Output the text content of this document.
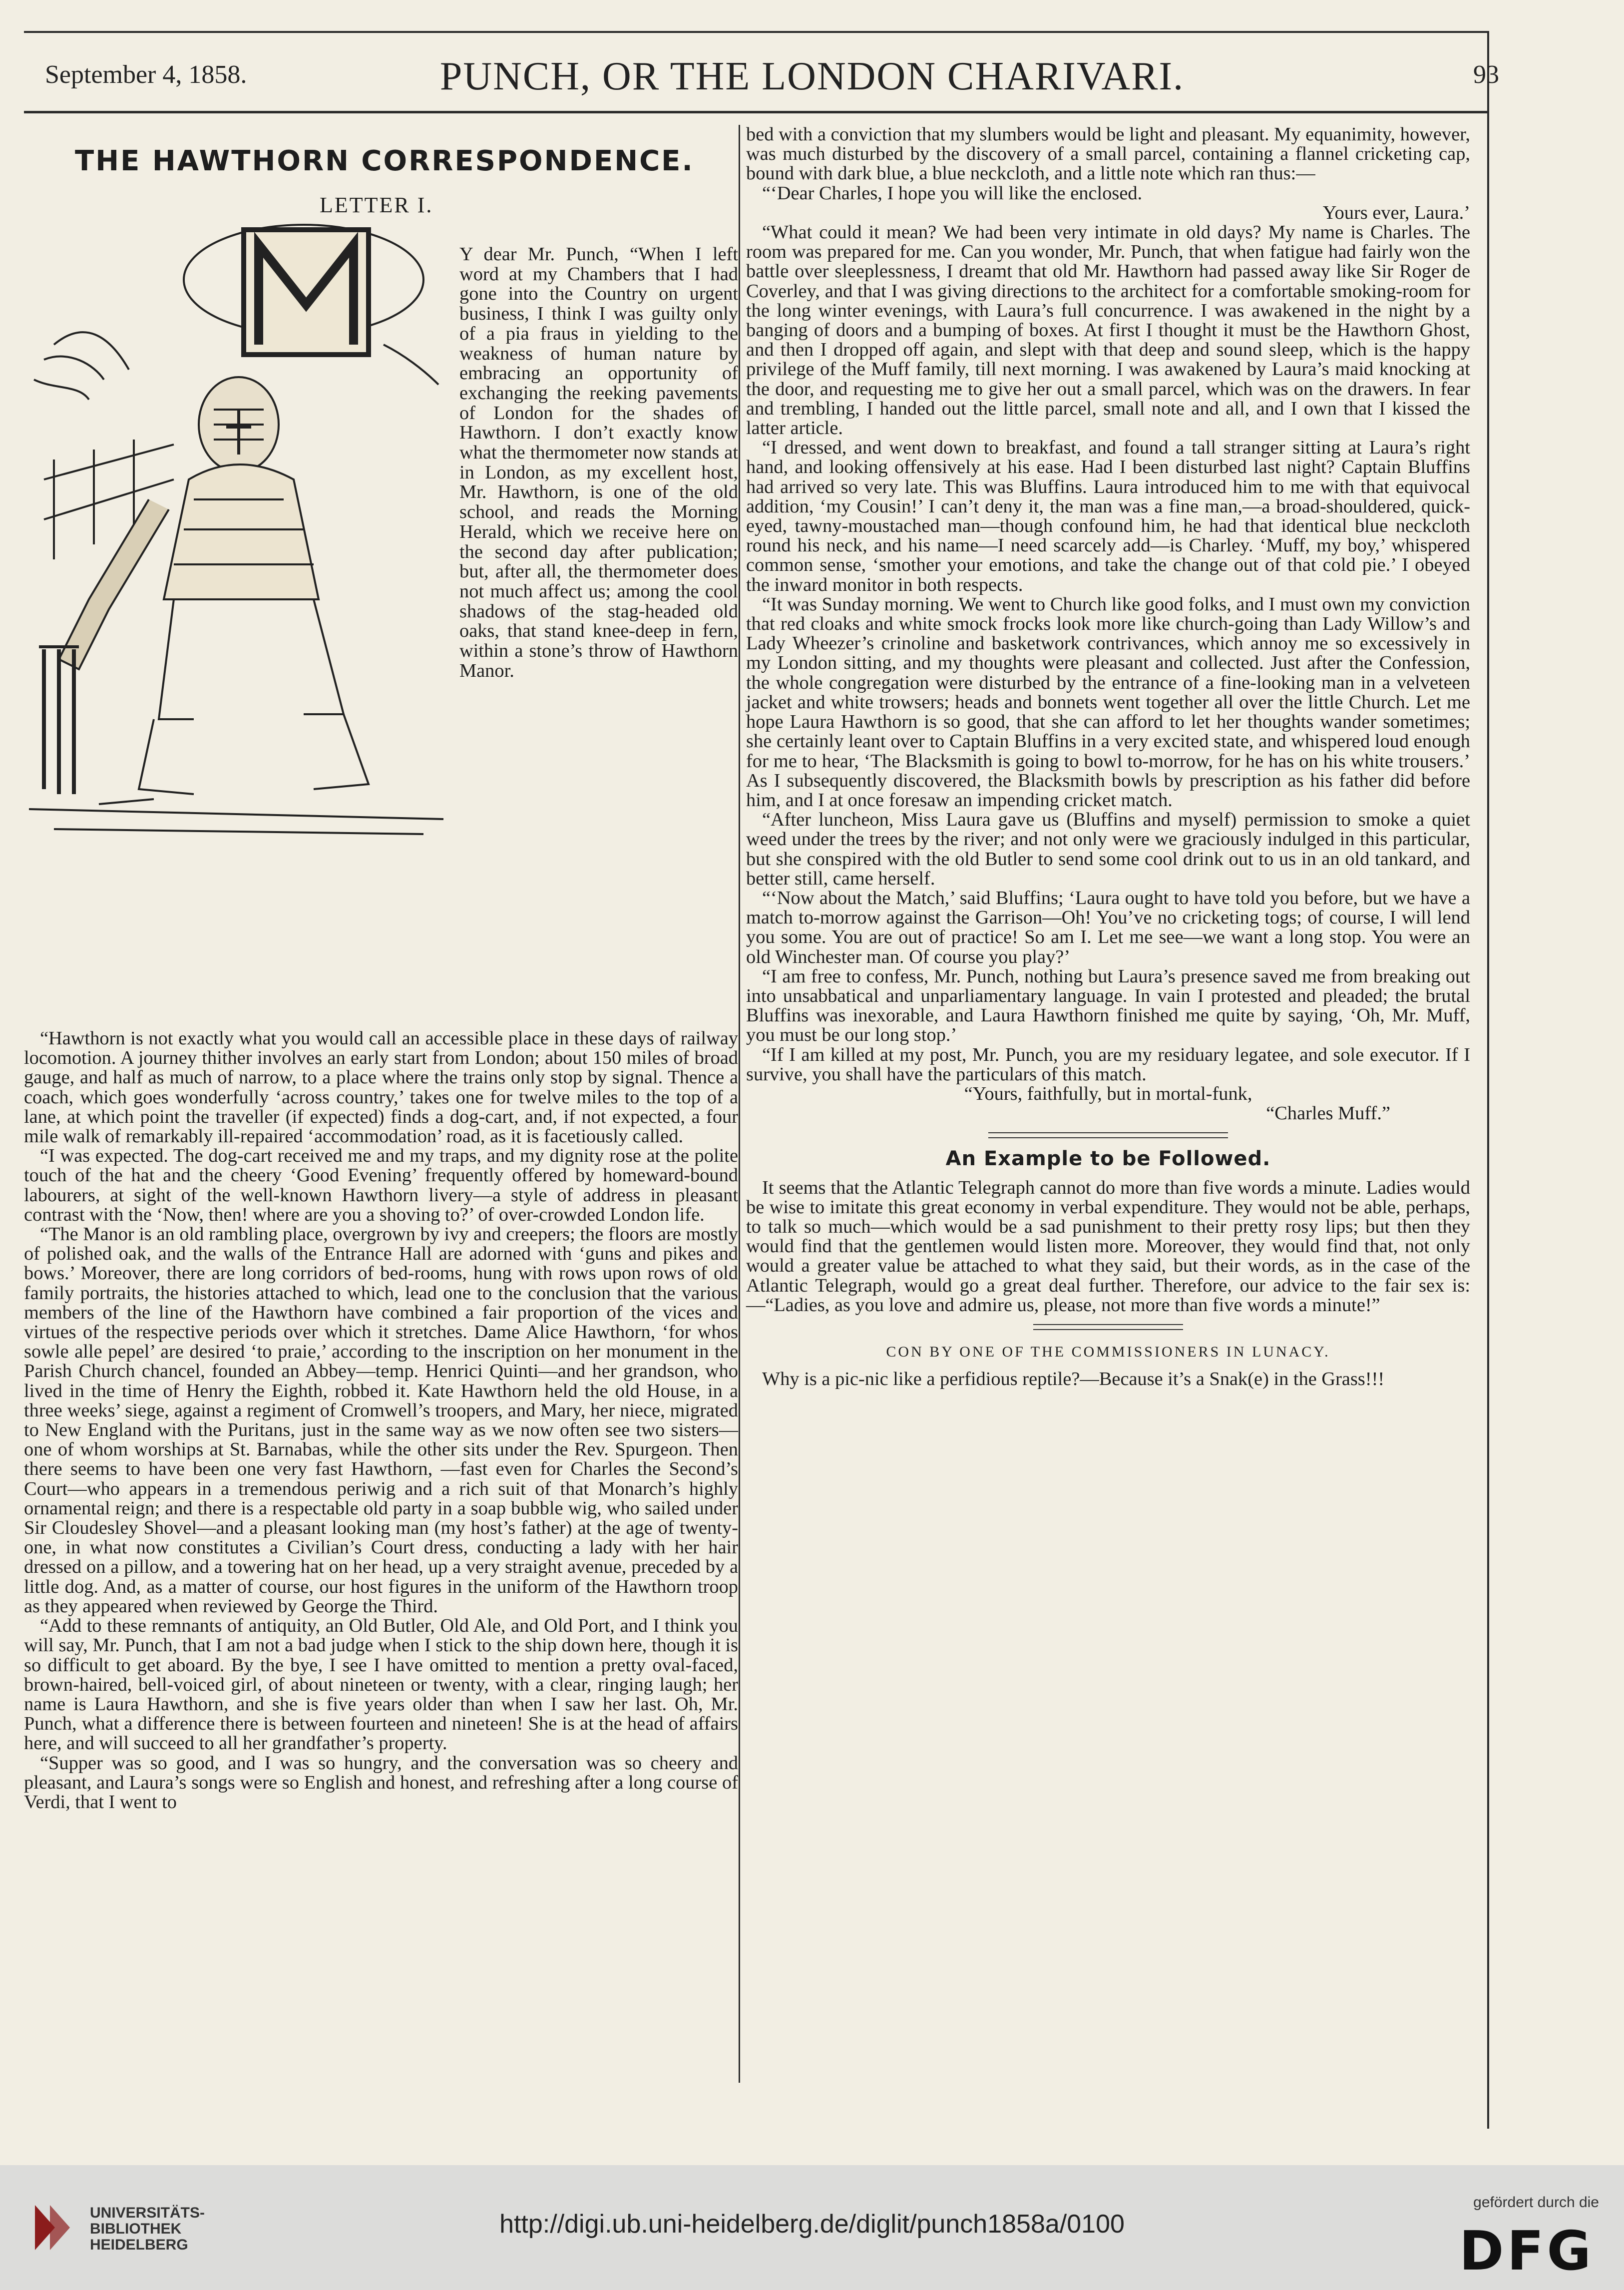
September 4, 1858.	PUNCH, OR THE LONDON CHARIVARI.	93
THE HAWTHORN CORRESPONDENCE.
LETTER I.

Y dear Mr. Punch, “When I left word at my Chambers that I had gone into the Country on urgent business, I think I was guilty only of a pia fraus in yielding to the weakness of human nature by embracing an opportunity of exchanging the reeking pavements of London for the shades of Hawthorn. I don’t exactly know what the thermometer now stands at in London, as my excellent host, Mr. Hawthorn, is one of the old school, and reads the Morning Herald, which we receive here on the second day after publication; but, after all, the thermometer does not much affect us; among the cool shadows of the stag-headed old oaks, that stand knee-deep in fern, within a stone’s throw of Hawthorn Manor.

“Hawthorn is not exactly what you would call an accessible place in these days of railway locomotion. A journey thither involves an early start from London; about 150 miles of broad gauge, and half as much of narrow, to a place where the trains only stop by signal. Thence a coach, which goes wonderfully ‘across country,’ takes one for twelve miles to the top of a lane, at which point the traveller (if expected) finds a dog-cart, and, if not expected, a four mile walk of remarkably ill-repaired ‘accommodation’ road, as it is facetiously called.

“I was expected. The dog-cart received me and my traps, and my dignity rose at the polite touch of the hat and the cheery ‘Good Evening’ frequently offered by homeward-bound labourers, at sight of the well-known Hawthorn livery—a style of address in pleasant contrast with the ‘Now, then! where are you a shoving to?’ of over-crowded London life.

“The Manor is an old rambling place, overgrown by ivy and creepers; the floors are mostly of polished oak, and the walls of the Entrance Hall are adorned with ‘guns and pikes and bows.’ Moreover, there are long corridors of bed-rooms, hung with rows upon rows of old family portraits, the histories attached to which, lead one to the conclusion that the various members of the line of the Hawthorn have combined a fair proportion of the vices and virtues of the respective periods over which it stretches. Dame Alice Hawthorn, ‘for whos sowle alle pepel’ are desired ‘to praie,’ according to the inscription on her monument in the Parish Church chancel, founded an Abbey—temp. Henrici Quinti—and her grandson, who lived in the time of Henry the Eighth, robbed it. Kate Hawthorn held the old House, in a three weeks’ siege, against a regiment of Cromwell’s troopers, and Mary, her niece, migrated to New England with the Puritans, just in the same way as we now often see two sisters—one of whom worships at St. Barnabas, while the other sits under the Rev. Spurgeon. Then there seems to have been one very fast Hawthorn, —fast even for Charles the Second’s Court—who appears in a tremendous periwig and a rich suit of that Monarch’s highly ornamental reign; and there is a respectable old party in a soap bubble wig, who sailed under Sir Cloudesley Shovel—and a pleasant looking man (my host’s father) at the age of twenty-one, in what now constitutes a Civilian’s Court dress, conducting a lady with her hair dressed on a pillow, and a towering hat on her head, up a very straight avenue, preceded by a little dog. And, as a matter of course, our host figures in the uniform of the Hawthorn troop as they appeared when reviewed by George the Third.

“Add to these remnants of antiquity, an Old Butler, Old Ale, and Old Port, and I think you will say, Mr. Punch, that I am not a bad judge when I stick to the ship down here, though it is so difficult to get aboard. By the bye, I see I have omitted to mention a pretty oval-faced, brown-haired, bell-voiced girl, of about nineteen or twenty, with a clear, ringing laugh; her name is Laura Hawthorn, and she is five years older than when I saw her last. Oh, Mr. Punch, what a difference there is between fourteen and nineteen! She is at the head of affairs here, and will succeed to all her grandfather’s property.

“Supper was so good, and I was so hungry, and the conversation was so cheery and pleasant, and Laura’s songs were so English and honest, and refreshing after a long course of Verdi, that I went to

bed with a conviction that my slumbers would be light and pleasant. My equanimity, however, was much disturbed by the discovery of a small parcel, containing a flannel cricketing cap, bound with dark blue, a blue neckcloth, and a little note which ran thus:—

“‘Dear Charles, I hope you will like the enclosed.

Yours ever, Laura.’

“What could it mean? We had been very intimate in old days? My name is Charles. The room was prepared for me. Can you wonder, Mr. Punch, that when fatigue had fairly won the battle over sleeplessness, I dreamt that old Mr. Hawthorn had passed away like Sir Roger de Coverley, and that I was giving directions to the architect for a comfortable smoking-room for the long winter evenings, with Laura’s full concurrence. I was awakened in the night by a banging of doors and a bumping of boxes. At first I thought it must be the Hawthorn Ghost, and then I dropped off again, and slept with that deep and sound sleep, which is the happy privilege of the Muff family, till next morning. I was awakened by Laura’s maid knocking at the door, and requesting me to give her out a small parcel, which was on the drawers. In fear and trembling, I handed out the little parcel, small note and all, and I own that I kissed the latter article.

“I dressed, and went down to breakfast, and found a tall stranger sitting at Laura’s right hand, and looking offensively at his ease. Had I been disturbed last night? Captain Bluffins had arrived so very late. This was Bluffins. Laura introduced him to me with that equivocal addition, ‘my Cousin!’ I can’t deny it, the man was a fine man,—a broad-shouldered, quick-eyed, tawny-moustached man—though confound him, he had that identical blue neckcloth round his neck, and his name—I need scarcely add—is Charley. ‘Muff, my boy,’ whispered common sense, ‘smother your emotions, and take the change out of that cold pie.’ I obeyed the inward monitor in both respects.

“It was Sunday morning. We went to Church like good folks, and I must own my conviction that red cloaks and white smock frocks look more like church-going than Lady Willow’s and Lady Wheezer’s crinoline and basketwork contrivances, which annoy me so excessively in my London sitting, and my thoughts were pleasant and collected. Just after the Confession, the whole congregation were disturbed by the entrance of a fine-looking man in a velveteen jacket and white trowsers; heads and bonnets went together all over the little Church. Let me hope Laura Hawthorn is so good, that she can afford to let her thoughts wander sometimes; she certainly leant over to Captain Bluffins in a very excited state, and whispered loud enough for me to hear, ‘The Blacksmith is going to bowl to-morrow, for he has on his white trousers.’ As I subsequently discovered, the Blacksmith bowls by prescription as his father did before him, and I at once foresaw an impending cricket match.

“After luncheon, Miss Laura gave us (Bluffins and myself) permission to smoke a quiet weed under the trees by the river; and not only were we graciously indulged in this particular, but she conspired with the old Butler to send some cool drink out to us in an old tankard, and better still, came herself.

“‘Now about the Match,’ said Bluffins; ‘Laura ought to have told you before, but we have a match to-morrow against the Garrison—Oh! You’ve no cricketing togs; of course, I will lend you some. You are out of practice! So am I. Let me see—we want a long stop. You were an old Winchester man. Of course you play?’

“I am free to confess, Mr. Punch, nothing but Laura’s presence saved me from breaking out into unsabbatical and unparliamentary language. In vain I protested and pleaded; the brutal Bluffins was inexorable, and Laura Hawthorn finished me quite by saying, ‘Oh, Mr. Muff, you must be our long stop.’

“If I am killed at my post, Mr. Punch, you are my residuary legatee, and sole executor. If I survive, you shall have the particulars of this match.

“Yours, faithfully, but in mortal-funk,

“Charles Muff.”

An Example to be Followed.

It seems that the Atlantic Telegraph cannot do more than five words a minute. Ladies would be wise to imitate this great economy in verbal expenditure. They would not be able, perhaps, to talk so much—which would be a sad punishment to their pretty rosy lips; but then they would find that the gentlemen would listen more. Moreover, they would find that, not only would a greater value be attached to what they said, but their words, as in the case of the Atlantic Telegraph, would go a great deal further. Therefore, our advice to the fair sex is:—“Ladies, as you love and admire us, please, not more than five words a minute!”

CON BY ONE OF THE COMMISSIONERS IN LUNACY.

Why is a pic-nic like a perfidious reptile?—Because it’s a Snak(e) in the Grass!!!

UNIVERSITÄTS-
BIBLIOTHEK
HEIDELBERG
http://digi.ub.uni-heidelberg.de/diglit/punch1858a/0100
gefördert durch die
DFG
